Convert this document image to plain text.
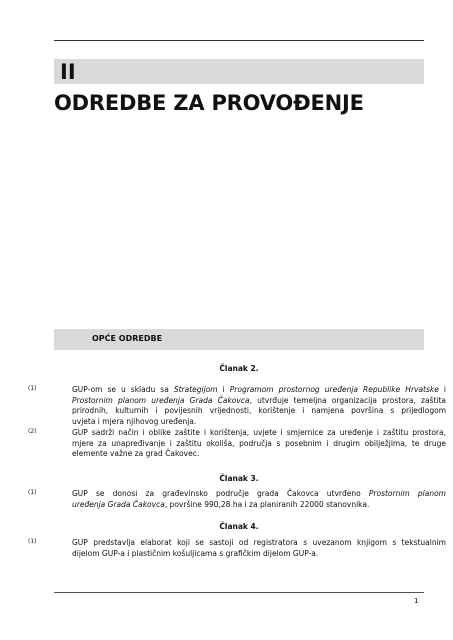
II
ODREDBE ZA PROVOĐENJE
OPĆE ODREDBE
Članak 2.
(1)	GUP-om se u skladu sa Strategijom i Programom prostornog uređenja Republike Hrvatske i
Prostornim planom uređenja Grada Čakovca, utvrđuje temeljna organizacija prostora, zaštita
prirodnih, kulturnih i povijesnih vrijednosti, korištenje i namjena površina s prijedlogom
uvjeta i mjera njihovog uređenja.
(2)	GUP sadrži način i oblike zaštite i korištenja, uvjete i smjernice za uređenje i zaštitu prostora,
mjere za unapređivanje i zaštitu okoliša, područja s posebnim i drugim obilježjima, te druge
elemente važne za grad Čakovec.
Članak 3.
(1)	GUP se donosi za građevinsko područje grada Čakovca utvrđeno Prostornim planom
uređenja Grada Čakovca, površine 990,28 ha i za planiranih 22000 stanovnika.
Članak 4.
(1)	GUP predstavlja elaborat koji se sastoji od registratora s uvezanom knjigom s tekstualnim
dijelom GUP-a i plastičnim košuljicama s grafičkim dijelom GUP-a.
1
